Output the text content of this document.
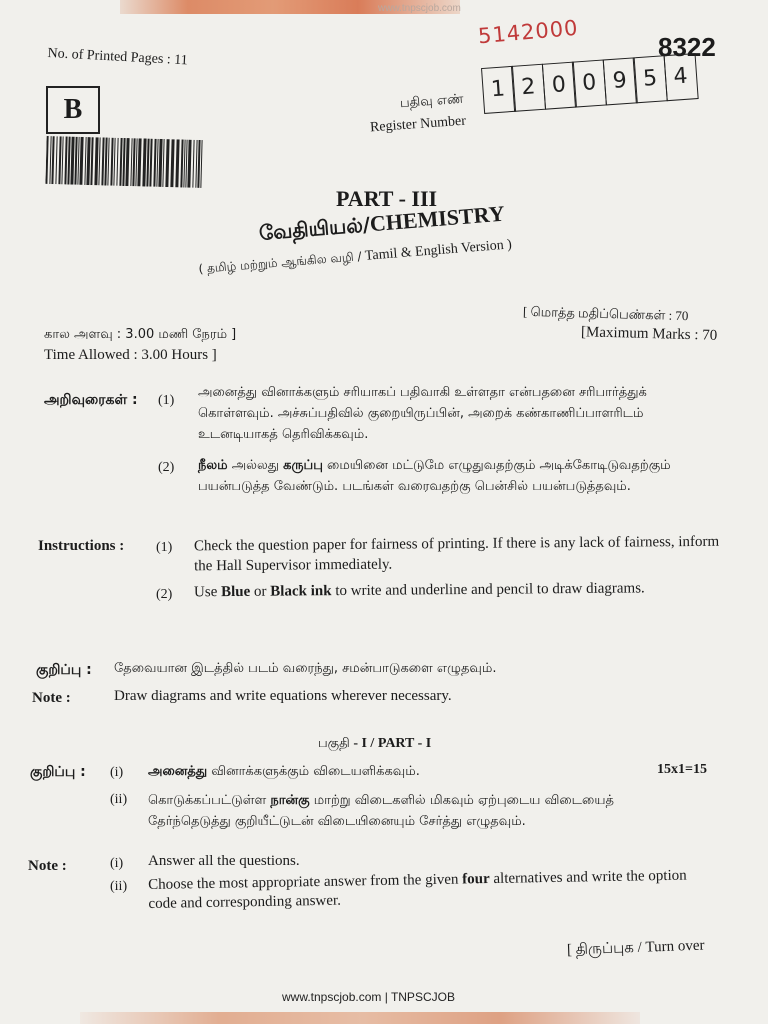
www.tnpscjob.com
No. of Printed Pages : 11
B
5142000	8322
பதிவு எண்
Register Number
1 2 0 0 9 5 4
PART - III
வேதியியல்/CHEMISTRY
( தமிழ் மற்றும் ஆங்கில வழி / Tamil & English Version )
[ மொத்த மதிப்பெண்கள் : 70
[Maximum Marks : 70
கால அளவு : 3.00 மணி நேரம் ]
Time Allowed : 3.00 Hours ]
அறிவுரைகள் : (1)
அனைத்து வினாக்களும் சரியாகப் பதிவாகி உள்ளதா என்பதனை சரிபார்த்துக் கொள்ளவும். அச்சுப்பதிவில் குறையிருப்பின், அறைக் கண்காணிப்பாளரிடம் உடனடியாகத் தெரிவிக்கவும்.
(2) நீலம் அல்லது கருப்பு மையினை மட்டுமே எழுதுவதற்கும் அடிக்கோடிடுவதற்கும் பயன்படுத்த வேண்டும். படங்கள் வரைவதற்கு பென்சில் பயன்படுத்தவும்.
Instructions : (1) Check the question paper for fairness of printing. If there is any lack of fairness, inform the Hall Supervisor immediately.
(2) Use Blue or Black ink to write and underline and pencil to draw diagrams.
குறிப்பு : தேவையான இடத்தில் படம் வரைந்து, சமன்பாடுகளை எழுதவும்.
Note :	Draw diagrams and write equations wherever necessary.
பகுதி - I / PART - I
15x1=15
குறிப்பு : (i) அனைத்து வினாக்களுக்கும் விடையளிக்கவும்.
(ii) கொடுக்கப்பட்டுள்ள நான்கு மாற்று விடைகளில் மிகவும் ஏற்புடைய விடையைத் தேர்ந்தெடுத்து குறியீட்டுடன் விடையினையும் சேர்த்து எழுதவும்.
Note :	(i) Answer all the questions.
(ii) Choose the most appropriate answer from the given four alternatives and write the option code and corresponding answer.
[ திருப்புக / Turn over
www.tnpscjob.com | TNPSCJOB
